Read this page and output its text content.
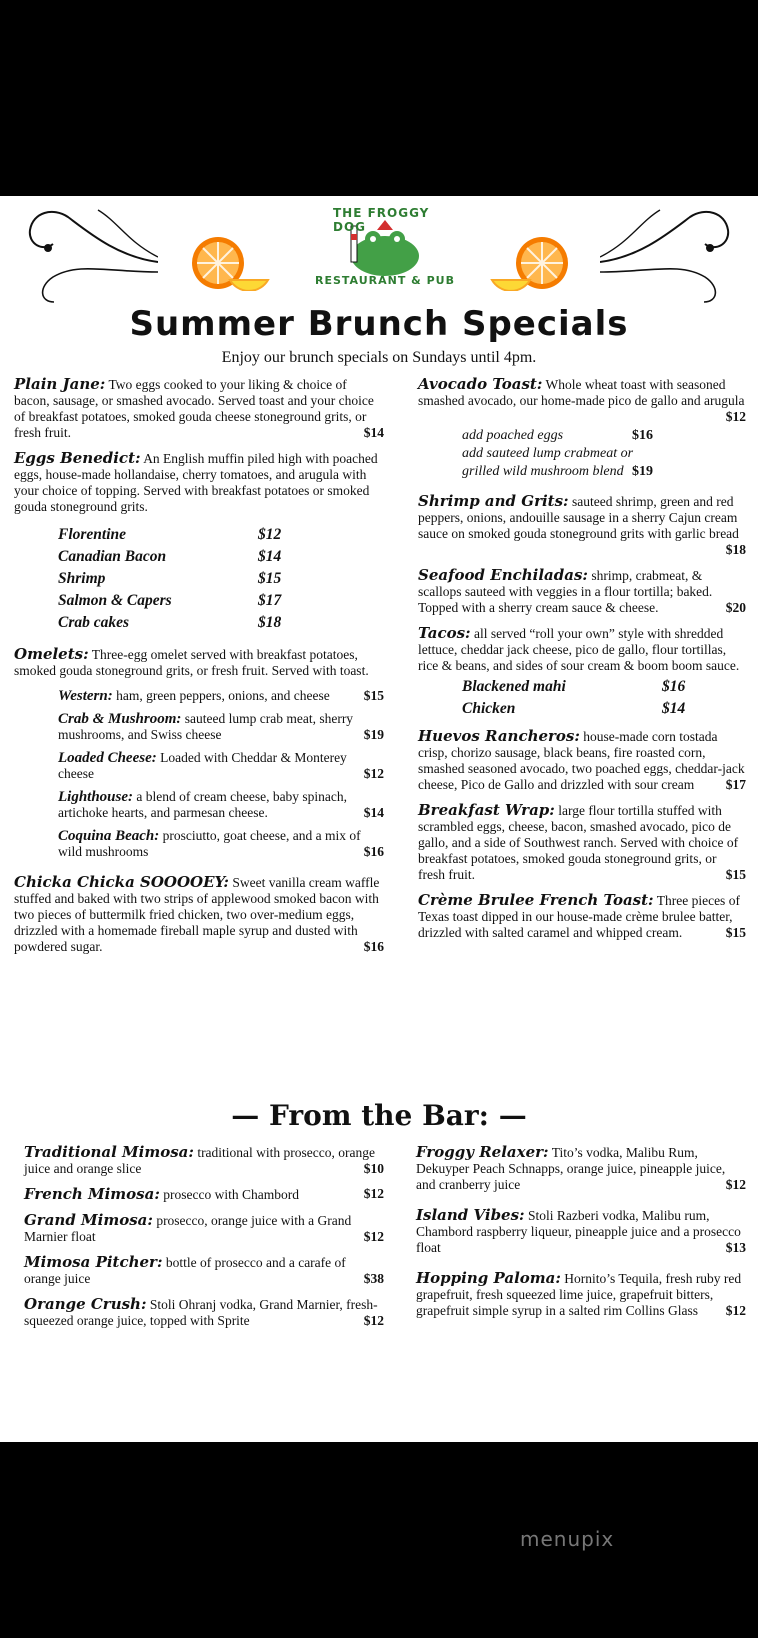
THE FROGGY DOG
RESTAURANT & PUB
Summer Brunch Specials
Enjoy our brunch specials on Sundays until 4pm.
Plain Jane: Two eggs cooked to your liking & choice of bacon, sausage, or smashed avocado. Served toast and your choice of breakfast potatoes, smoked gouda cheese stoneground grits, or fresh fruit.	$14
Eggs Benedict: An English muffin piled high with poached eggs, house-made hollandaise, cherry tomatoes, and arugula with your choice of topping. Served with breakfast potatoes or smoked gouda stoneground grits.
Florentine	$12
Canadian Bacon	$14
Shrimp	$15
Salmon & Capers	$17
Crab cakes	$18
Omelets: Three-egg omelet served with breakfast potatoes, smoked gouda stoneground grits, or fresh fruit. Served with toast.
Western: ham, green peppers, onions, and cheese	$15
Crab & Mushroom: sauteed lump crab meat, sherry mushrooms, and Swiss cheese	$19
Loaded Cheese: Loaded with Cheddar & Monterey cheese	$12
Lighthouse: a blend of cream cheese, baby spinach, artichoke hearts, and parmesan cheese.	$14
Coquina Beach: prosciutto, goat cheese, and a mix of wild mushrooms	$16
Chicka Chicka SOOOOEY: Sweet vanilla cream waffle stuffed and baked with two strips of applewood smoked bacon with two pieces of buttermilk fried chicken, two over-medium eggs, drizzled with a homemade fireball maple syrup and dusted with powdered sugar.	$16
Avocado Toast: Whole wheat toast with seasoned smashed avocado, our home-made pico de gallo and arugula
$12
add poached eggs	$16
add sauteed lump crabmeat or grilled wild mushroom blend $19
Shrimp and Grits: sauteed shrimp, green and red peppers, onions, andouille sausage in a sherry Cajun cream sauce on smoked gouda stoneground grits with garlic bread
$18
Seafood Enchiladas: shrimp, crabmeat, & scallops sauteed with veggies in a flour tortilla; baked. Topped with a sherry cream sauce & cheese.	$20
Tacos: all served “roll your own” style with shredded lettuce, cheddar jack cheese, pico de gallo, flour tortillas, rice & beans, and sides of sour cream & boom boom sauce.
Blackened mahi	$16
Chicken	$14
Huevos Rancheros: house-made corn tostada crisp, chorizo sausage, black beans, fire roasted corn, smashed seasoned avocado, two poached eggs, cheddar-jack cheese, Pico de Gallo and drizzled with sour cream $17
Breakfast Wrap: large flour tortilla stuffed with scrambled eggs, cheese, bacon, smashed avocado, pico de gallo, and a side of Southwest ranch. Served with choice of breakfast potatoes, smoked gouda stoneground grits, or fresh fruit.	$15
Crème Brulee French Toast: Three pieces of Texas toast dipped in our house-made crème brulee batter, drizzled with salted caramel and whipped cream.	$15
— From the Bar: —
Traditional Mimosa: traditional with prosecco, orange juice and orange slice	$10
French Mimosa: prosecco with Chambord	$12
Grand Mimosa: prosecco, orange juice with a Grand Marnier float	$12
Mimosa Pitcher: bottle of prosecco and a carafe of orange juice	$38
Orange Crush: Stoli Ohranj vodka, Grand Marnier, fresh-squeezed orange juice, topped with Sprite	$12
Froggy Relaxer: Tito’s vodka, Malibu Rum, Dekuyper Peach Schnapps, orange juice, pineapple juice, and cranberry juice	$12
Island Vibes: Stoli Razberi vodka, Malibu rum, Chambord raspberry liqueur, pineapple juice and a prosecco float	$13
Hopping Paloma: Hornito’s Tequila, fresh ruby red grapefruit, fresh squeezed lime juice, grapefruit bitters, grapefruit simple syrup in a salted rim Collins Glass $12
menupix
